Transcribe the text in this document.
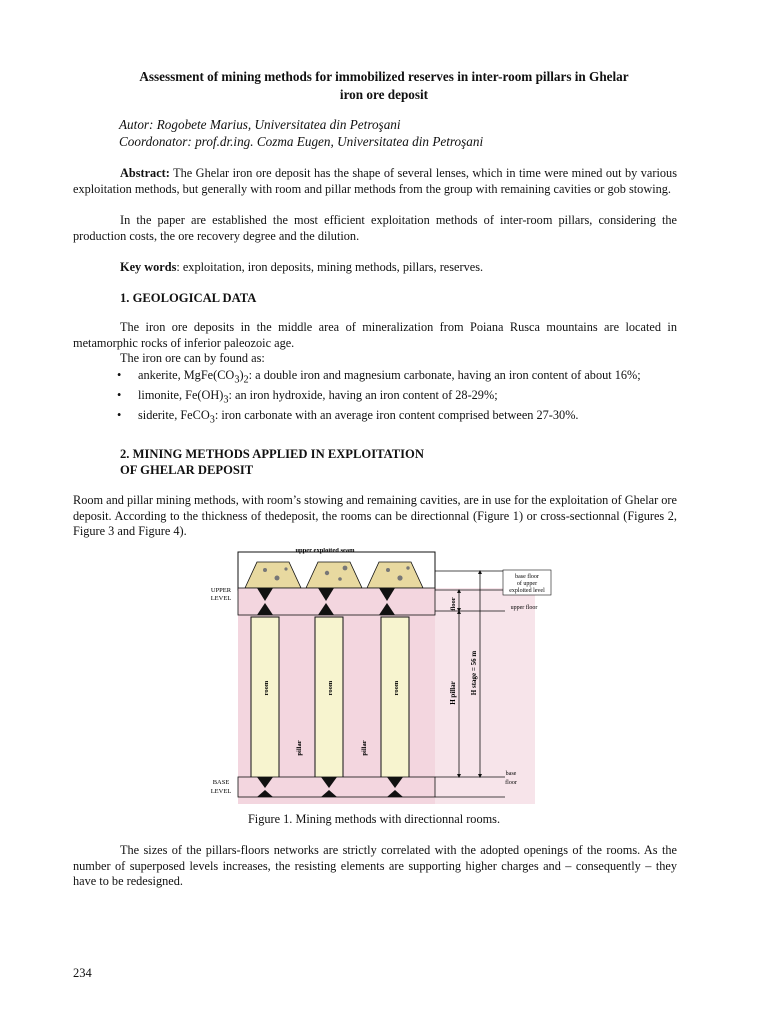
Assessment of mining methods for immobilized reserves in inter-room pillars in Ghelar
iron ore deposit
Autor: Rogobete Marius, Universitatea din Petroşani
Coordonator: prof.dr.ing. Cozma Eugen, Universitatea din Petroşani
Abstract: The Ghelar iron ore deposit has the shape of several lenses, which in time were mined out by various exploitation methods, but generally with room and pillar methods from the group with remaining cavities or gob stowing.
In the paper are established the most efficient exploitation methods of inter-room pillars, considering the production costs, the ore recovery degree and the dilution.
Key words: exploitation, iron deposits, mining methods, pillars, reserves.
1. GEOLOGICAL DATA
The iron ore deposits in the middle area of mineralization from Poiana Rusca mountains are located in metamorphic rocks of inferior paleozoic age.
The iron ore can by found as:
• ankerite, $MgFe(CO_3)_2$: a double iron and magnesium carbonate, having an iron content of about 16%;
• limonite, $Fe(OH)_3$: an iron hydroxide, having an iron content of 28-29%;
• siderite, FeCO$_3$: iron carbonate with an average iron content comprised between 27-30%.
2. MINING METHODS APPLIED IN EXPLOITATION
OF GHELAR DEPOSIT
Room and pillar mining methods, with room’s stowing and remaining cavities, are in use for the exploitation of Ghelar ore deposit. According to the thickness of thedeposit, the rooms can be directionnal (Figure 1) or cross-sectionnal (Figures 2, Figure 3 and Figure 4).
upper exploited seam
UPPER
LEVEL
room	room	room
pillar	pillar
BASE
LEVEL
floor
H pillar H stage = 56 m
base floor
of upper
exploited level
upper floor
base
floor
Figure 1. Mining methods with directionnal rooms.
The sizes of the pillars-floors networks are strictly correlated with the adopted openings of the rooms. As the number of superposed levels increases, the resisting elements are supporting higher charges and – consequently – they have to be redesigned.
234
